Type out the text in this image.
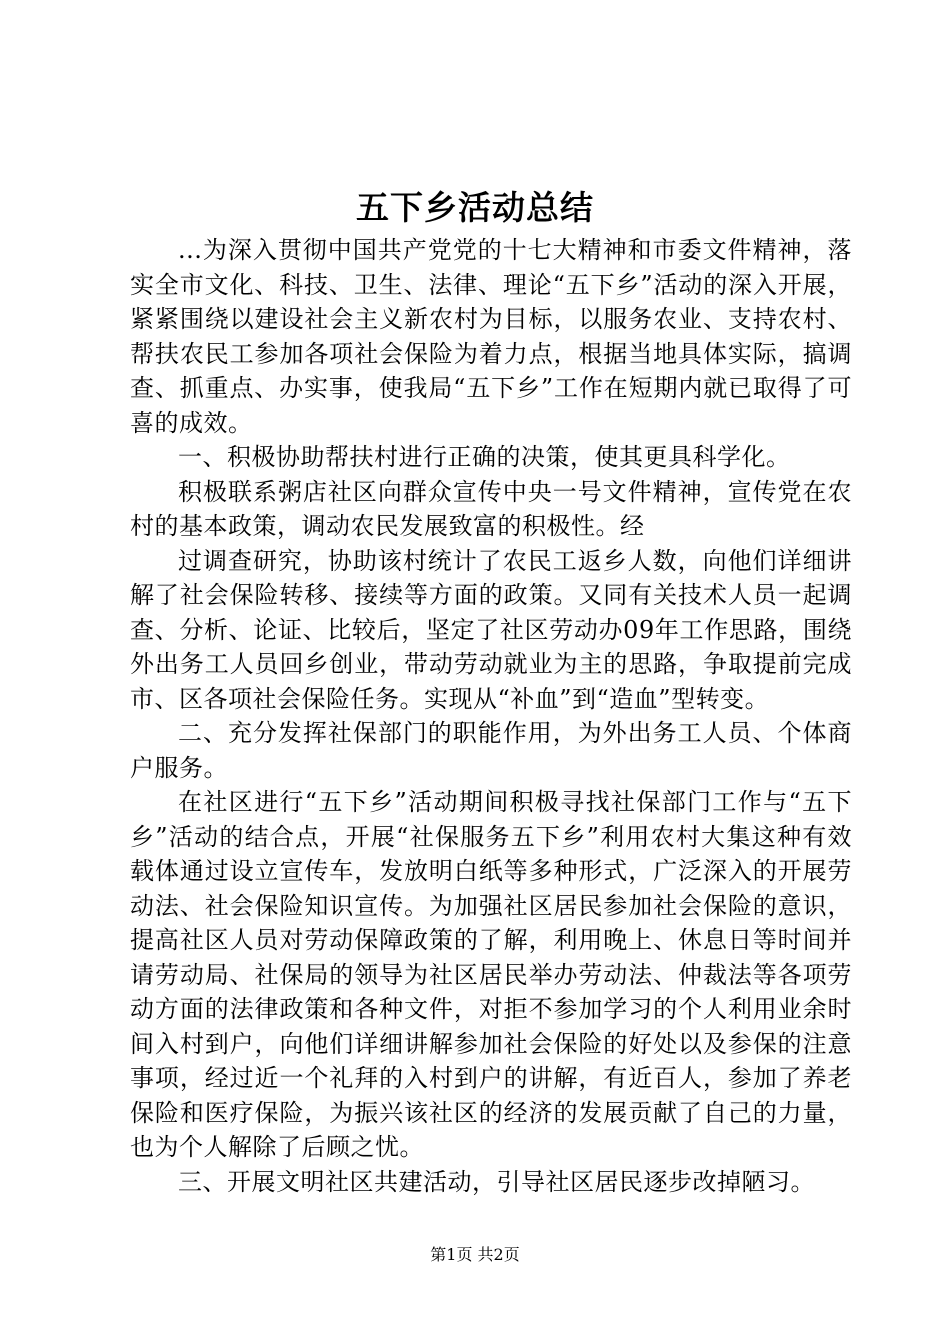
五下乡活动总结

...为深入贯彻中国共产党党的十七大精神和市委文件精神，落实全市文化、科技、卫生、法律、理论“五下乡”活动的深入开展，紧紧围绕以建设社会主义新农村为目标，以服务农业、支持农村、帮扶农民工参加各项社会保险为着力点，根据当地具体实际，搞调查、抓重点、办实事，使我局“五下乡”工作在短期内就已取得了可喜的成效。

一、积极协助帮扶村进行正确的决策，使其更具科学化。

积极联系粥店社区向群众宣传中央一号文件精神，宣传党在农村的基本政策，调动农民发展致富的积极性。经

过调查研究，协助该村统计了农民工返乡人数，向他们详细讲解了社会保险转移、接续等方面的政策。又同有关技术人员一起调查、分析、论证、比较后，坚定了社区劳动办09年工作思路，围绕外出务工人员回乡创业，带动劳动就业为主的思路，争取提前完成市、区各项社会保险任务。实现从“补血”到“造血”型转变。

二、充分发挥社保部门的职能作用，为外出务工人员、个体商户服务。

在社区进行“五下乡”活动期间积极寻找社保部门工作与“五下乡”活动的结合点，开展“社保服务五下乡”利用农村大集这种有效载体通过设立宣传车，发放明白纸等多种形式，广泛深入的开展劳动法、社会保险知识宣传。为加强社区居民参加社会保险的意识，提高社区人员对劳动保障政策的了解，利用晚上、休息日等时间并请劳动局、社保局的领导为社区居民举办劳动法、仲裁法等各项劳动方面的法律政策和各种文件，对拒不参加学习的个人利用业余时间入村到户，向他们详细讲解参加社会保险的好处以及参保的注意事项，经过近一个礼拜的入村到户的讲解，有近百人，参加了养老保险和医疗保险，为振兴该社区的经济的发展贡献了自己的力量，也为个人解除了后顾之忧。

三、开展文明社区共建活动，引导社区居民逐步改掉陋习。

第1页 共2页
